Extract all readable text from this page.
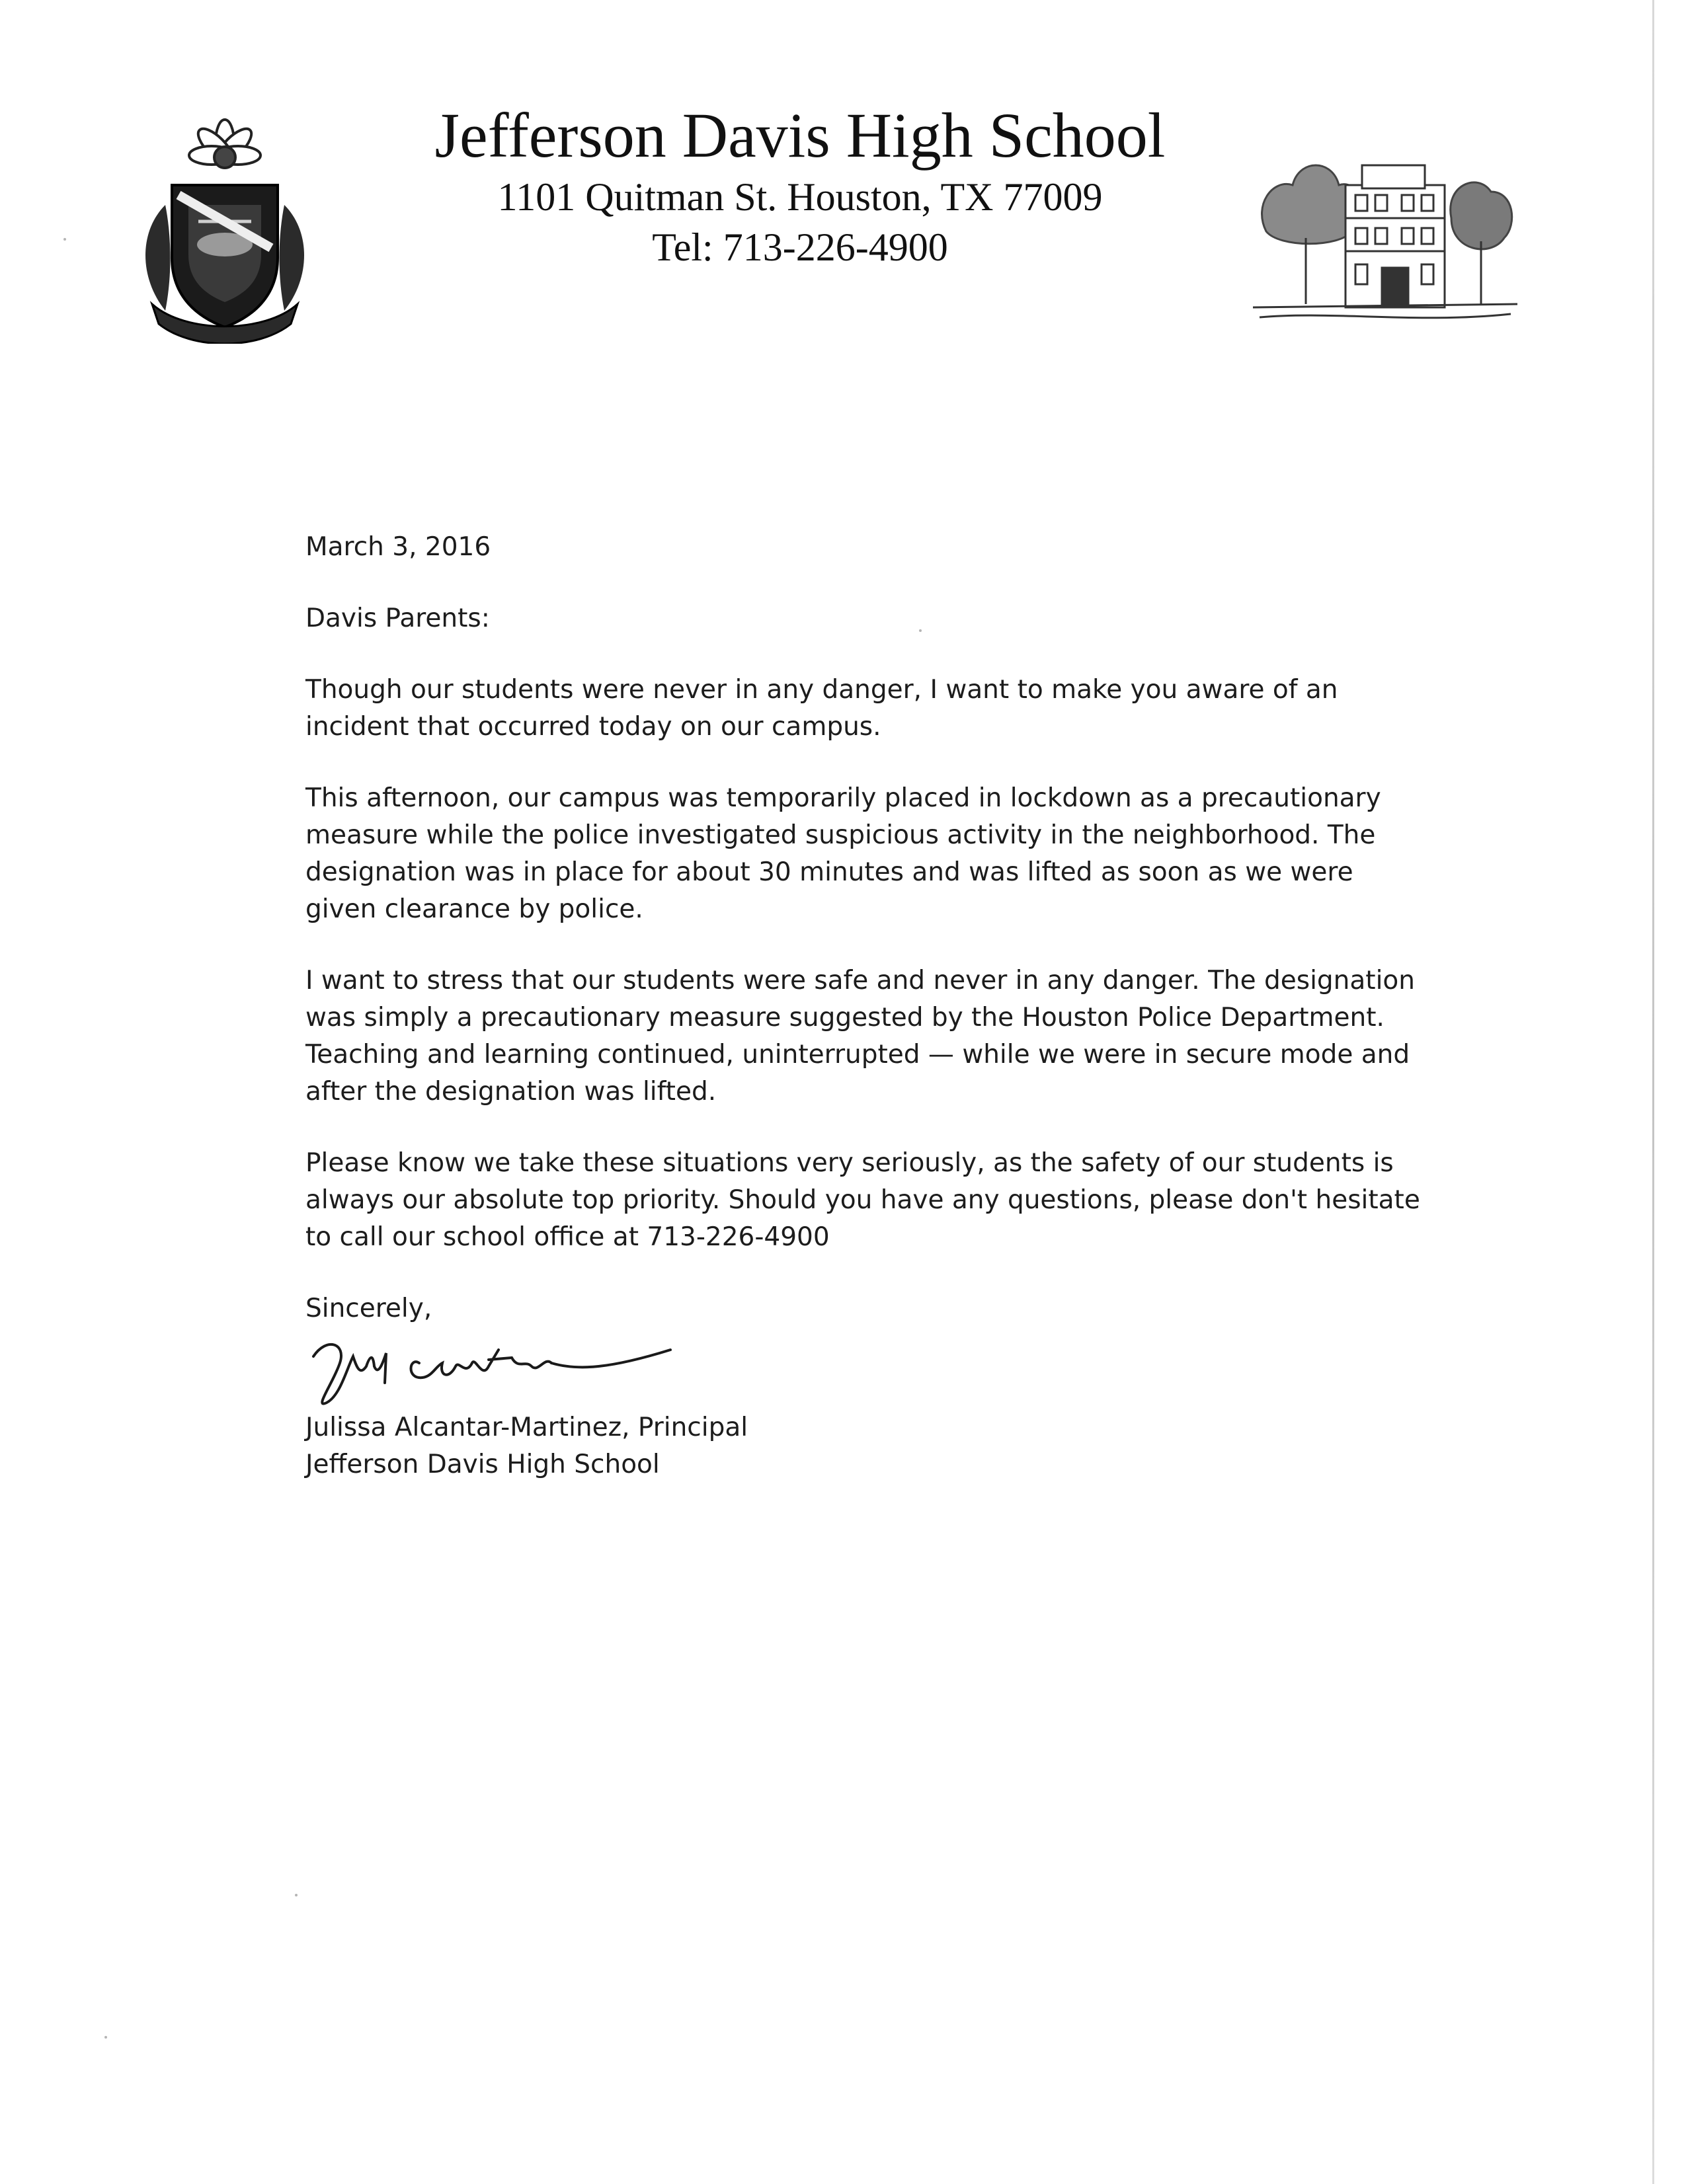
Jefferson Davis High School
1101 Quitman St. Houston, TX 77009
Tel: 713-226-4900

March 3, 2016

Davis Parents:

Though our students were never in any danger, I want to make you aware of an incident that occurred today on our campus.

This afternoon, our campus was temporarily placed in lockdown as a precautionary measure while the police investigated suspicious activity in the neighborhood. The designation was in place for about 30 minutes and was lifted as soon as we were given clearance by police.

I want to stress that our students were safe and never in any danger. The designation was simply a precautionary measure suggested by the Houston Police Department. Teaching and learning continued, uninterrupted — while we were in secure mode and after the designation was lifted.

Please know we take these situations very seriously, as the safety of our students is always our absolute top priority. Should you have any questions, please don't hesitate to call our school office at 713-226-4900

Sincerely,

Julissa Alcantar-Martinez, Principal

Jefferson Davis High School
